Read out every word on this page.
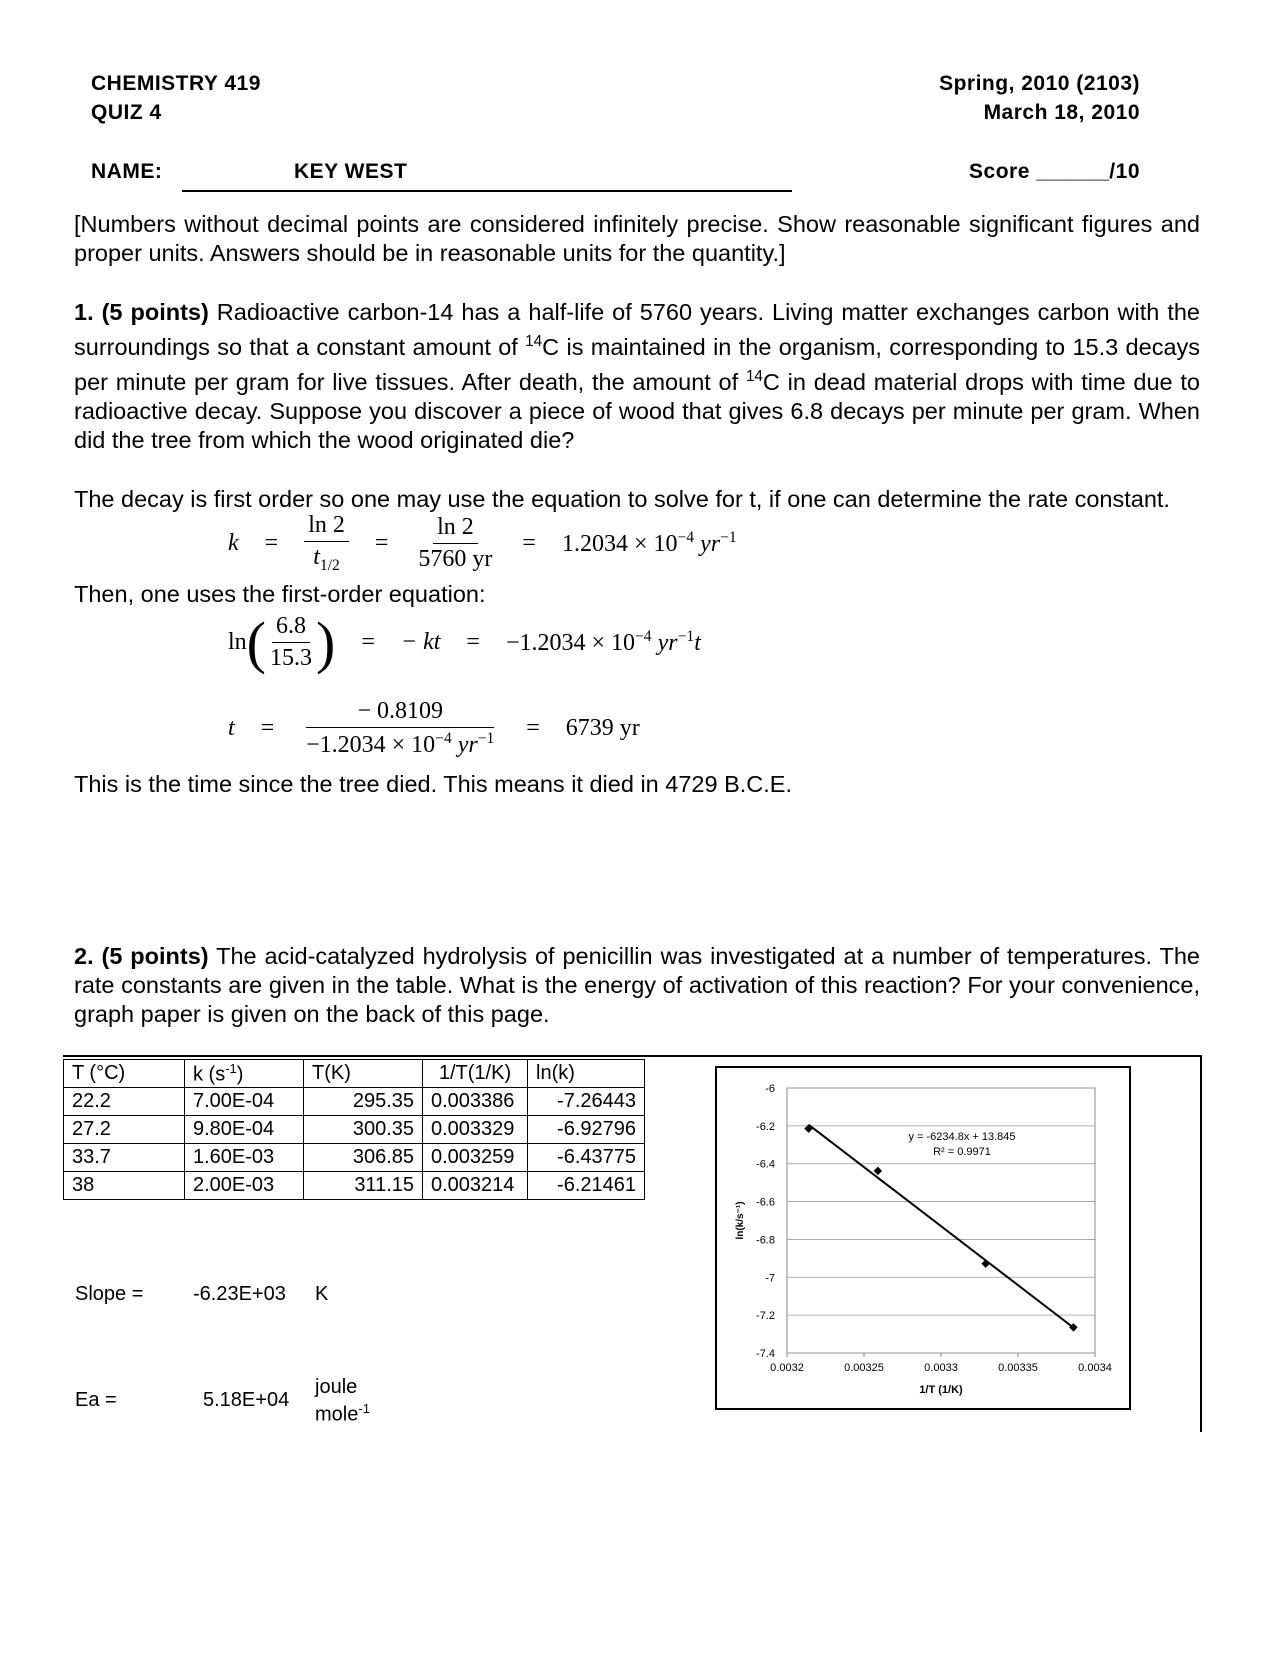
CHEMISTRY 419
QUIZ 4
Spring, 2010 (2103)
March 18, 2010
NAME:	KEY WEST	Score ______/10
[Numbers without decimal points are considered infinitely precise. Show reasonable significant figures and proper units. Answers should be in reasonable units for the quantity.]
1. (5 points) Radioactive carbon-14 has a half-life of 5760 years. Living matter exchanges carbon with the surroundings so that a constant amount of $^{14}$C is maintained in the organism, corresponding to 15.3 decays per minute per gram for live tissues. After death, the amount of $^{14}$C in dead material drops with time due to radioactive decay. Suppose you discover a piece of wood that gives 6.8 decays per minute per gram. When did the tree from which the wood originated die?
The decay is first order so one may use the equation to solve for t, if one can determine the rate constant.
$k = \frac{\ln 2}{t_{1/2}} = \frac{\ln 2}{5760 yr} = 1.2034 \times 10^{-4}$ $yr^{-1}$
Then, one uses the first-order equation:
ln ( $\frac{6.8}{15.3}$ ) = − kt = $-1.2034 \times 10^{-4}$ $yr^{-1}t$
$t = \frac{- 0.8109}{-1.2034 \times 10^{-4} yr^{-1}} = 6739$ yr
This is the time since the tree died. This means it died in 4729 B.C.E.
2. (5 points) The acid-catalyzed hydrolysis of penicillin was investigated at a number of temperatures. The rate constants are given in the table. What is the energy of activation of this reaction? For your convenience, graph paper is given on the back of this page.
T (°C)	k $(s^{-1})$	T(K)	1/T(1/K)	ln(k)
22.2	7.00E-04	295.35	0.003386	-7.26443
27.2	9.80E-04	300.35	0.003329	-6.92796
33.7	1.60E-03	306.85	0.003259	-6.43775
38	2.00E-03	311.15	0.003214	-6.21461
Slope = -6.23E+03 K
Ea =	5.18E+04
joule
mole$^{-1}$
-6
-6.2
-6.4
-6.6
-6.8
-7
-7.2
-7.4
0.0032	0.00325	0.0033	0.00335	0.0034
1/T (1/K)
ln(k/s⁻¹)
y = -6234.8x + 13.845
R² = 0.9971
